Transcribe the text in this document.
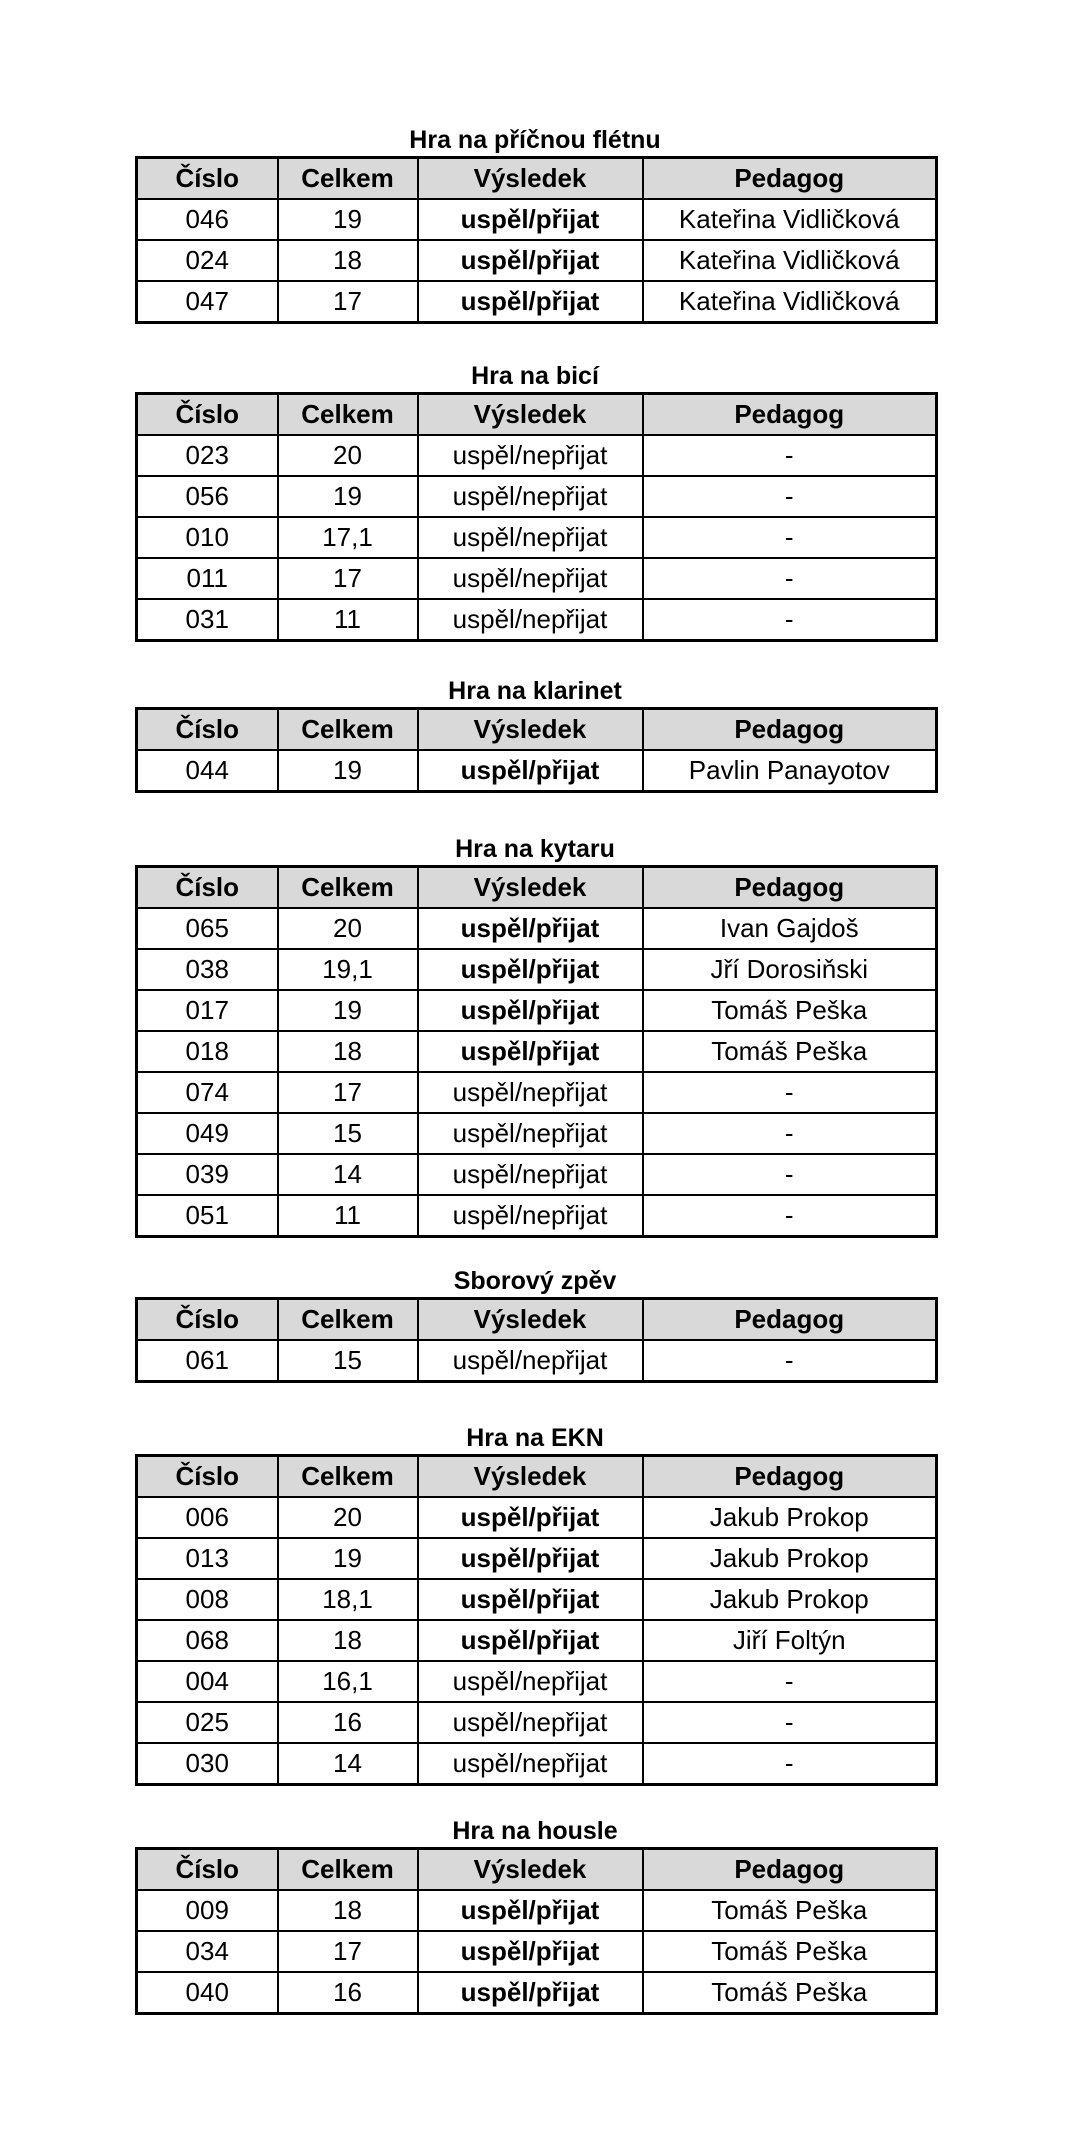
Hra na příčnou flétnu
Číslo	Celkem	Výsledek	Pedagog
046	19	uspěl/přijat	Kateřina Vidličková
024	18	uspěl/přijat	Kateřina Vidličková
047	17	uspěl/přijat	Kateřina Vidličková
Hra na bicí
Číslo	Celkem	Výsledek	Pedagog
023	20	uspěl/nepřijat	-
056	19	uspěl/nepřijat	-
010	17,1	uspěl/nepřijat	-
011	17	uspěl/nepřijat	-
031	11	uspěl/nepřijat	-
Hra na klarinet
Číslo	Celkem	Výsledek	Pedagog
044	19	uspěl/přijat	Pavlin Panayotov
Hra na kytaru
Číslo	Celkem	Výsledek	Pedagog
065	20	uspěl/přijat	Ivan Gajdoš
038	19,1	uspěl/přijat	Jří Dorosiňski
017	19	uspěl/přijat	Tomáš Peška
018	18	uspěl/přijat	Tomáš Peška
074	17	uspěl/nepřijat	-
049	15	uspěl/nepřijat	-
039	14	uspěl/nepřijat	-
051	11	uspěl/nepřijat	-
Sborový zpěv
Číslo	Celkem	Výsledek	Pedagog
061	15	uspěl/nepřijat	-
Hra na EKN
Číslo	Celkem	Výsledek	Pedagog
006	20	uspěl/přijat	Jakub Prokop
013	19	uspěl/přijat	Jakub Prokop
008	18,1	uspěl/přijat	Jakub Prokop
068	18	uspěl/přijat	Jiří Foltýn
004	16,1	uspěl/nepřijat	-
025	16	uspěl/nepřijat	-
030	14	uspěl/nepřijat	-
Hra na housle
Číslo	Celkem	Výsledek	Pedagog
009	18	uspěl/přijat	Tomáš Peška
034	17	uspěl/přijat	Tomáš Peška
040	16	uspěl/přijat	Tomáš Peška
